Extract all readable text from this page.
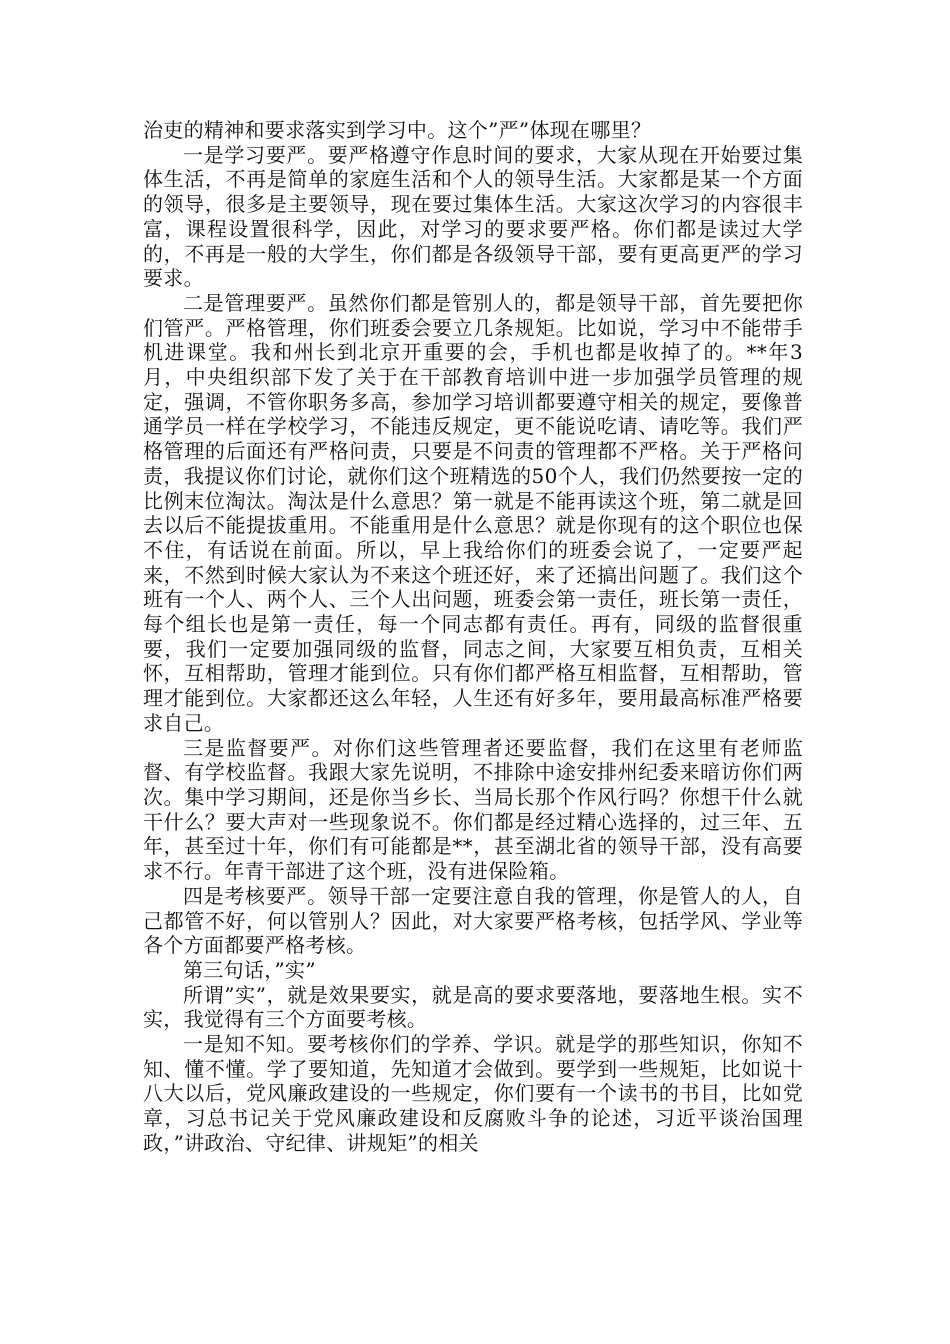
治吏的精神和要求落实到学习中。这个”严”体现在哪里？

一是学习要严。要严格遵守作息时间的要求，大家从现在开始要过集体生活，不再是简单的家庭生活和个人的领导生活。大家都是某一个方面的领导，很多是主要领导，现在要过集体生活。大家这次学习的内容很丰富，课程设置很科学，因此，对学习的要求要严格。你们都是读过大学的，不再是一般的大学生，你们都是各级领导干部，要有更高更严的学习要求。

二是管理要严。虽然你们都是管别人的，都是领导干部，首先要把你们管严。严格管理，你们班委会要立几条规矩。比如说，学习中不能带手机进课堂。我和州长到北京开重要的会，手机也都是收掉了的。**年3月，中央组织部下发了关于在干部教育培训中进一步加强学员管理的规定，强调，不管你职务多高，参加学习培训都要遵守相关的规定，要像普通学员一样在学校学习，不能违反规定，更不能说吃请、请吃等。我们严格管理的后面还有严格问责，只要是不问责的管理都不严格。关于严格问责，我提议你们讨论，就你们这个班精选的50个人，我们仍然要按一定的比例末位淘汰。淘汰是什么意思？第一就是不能再读这个班，第二就是回去以后不能提拔重用。不能重用是什么意思？就是你现有的这个职位也保不住，有话说在前面。所以，早上我给你们的班委会说了，一定要严起来，不然到时候大家认为不来这个班还好，来了还搞出问题了。我们这个班有一个人、两个人、三个人出问题，班委会第一责任，班长第一责任，每个组长也是第一责任，每一个同志都有责任。再有，同级的监督很重要，我们一定要加强同级的监督，同志之间，大家要互相负责，互相关怀，互相帮助，管理才能到位。只有你们都严格互相监督，互相帮助，管理才能到位。大家都还这么年轻，人生还有好多年，要用最高标准严格要求自己。

三是监督要严。对你们这些管理者还要监督，我们在这里有老师监督、有学校监督。我跟大家先说明，不排除中途安排州纪委来暗访你们两次。集中学习期间，还是你当乡长、当局长那个作风行吗？你想干什么就干什么？要大声对一些现象说不。你们都是经过精心选择的，过三年、五年，甚至过十年，你们有可能都是**，甚至湖北省的领导干部，没有高要求不行。年青干部进了这个班，没有进保险箱。

四是考核要严。领导干部一定要注意自我的管理，你是管人的人，自己都管不好，何以管别人？因此，对大家要严格考核，包括学风、学业等各个方面都要严格考核。

第三句话，”实”

所谓”实”，就是效果要实，就是高的要求要落地，要落地生根。实不实，我觉得有三个方面要考核。

一是知不知。要考核你们的学养、学识。就是学的那些知识，你知不知、懂不懂。学了要知道，先知道才会做到。要学到一些规矩，比如说十八大以后，党风廉政建设的一些规定，你们要有一个读书的书目，比如党章，习总书记关于党风廉政建设和反腐败斗争的论述，习近平谈治国理政，”讲政治、守纪律、讲规矩”的相关
